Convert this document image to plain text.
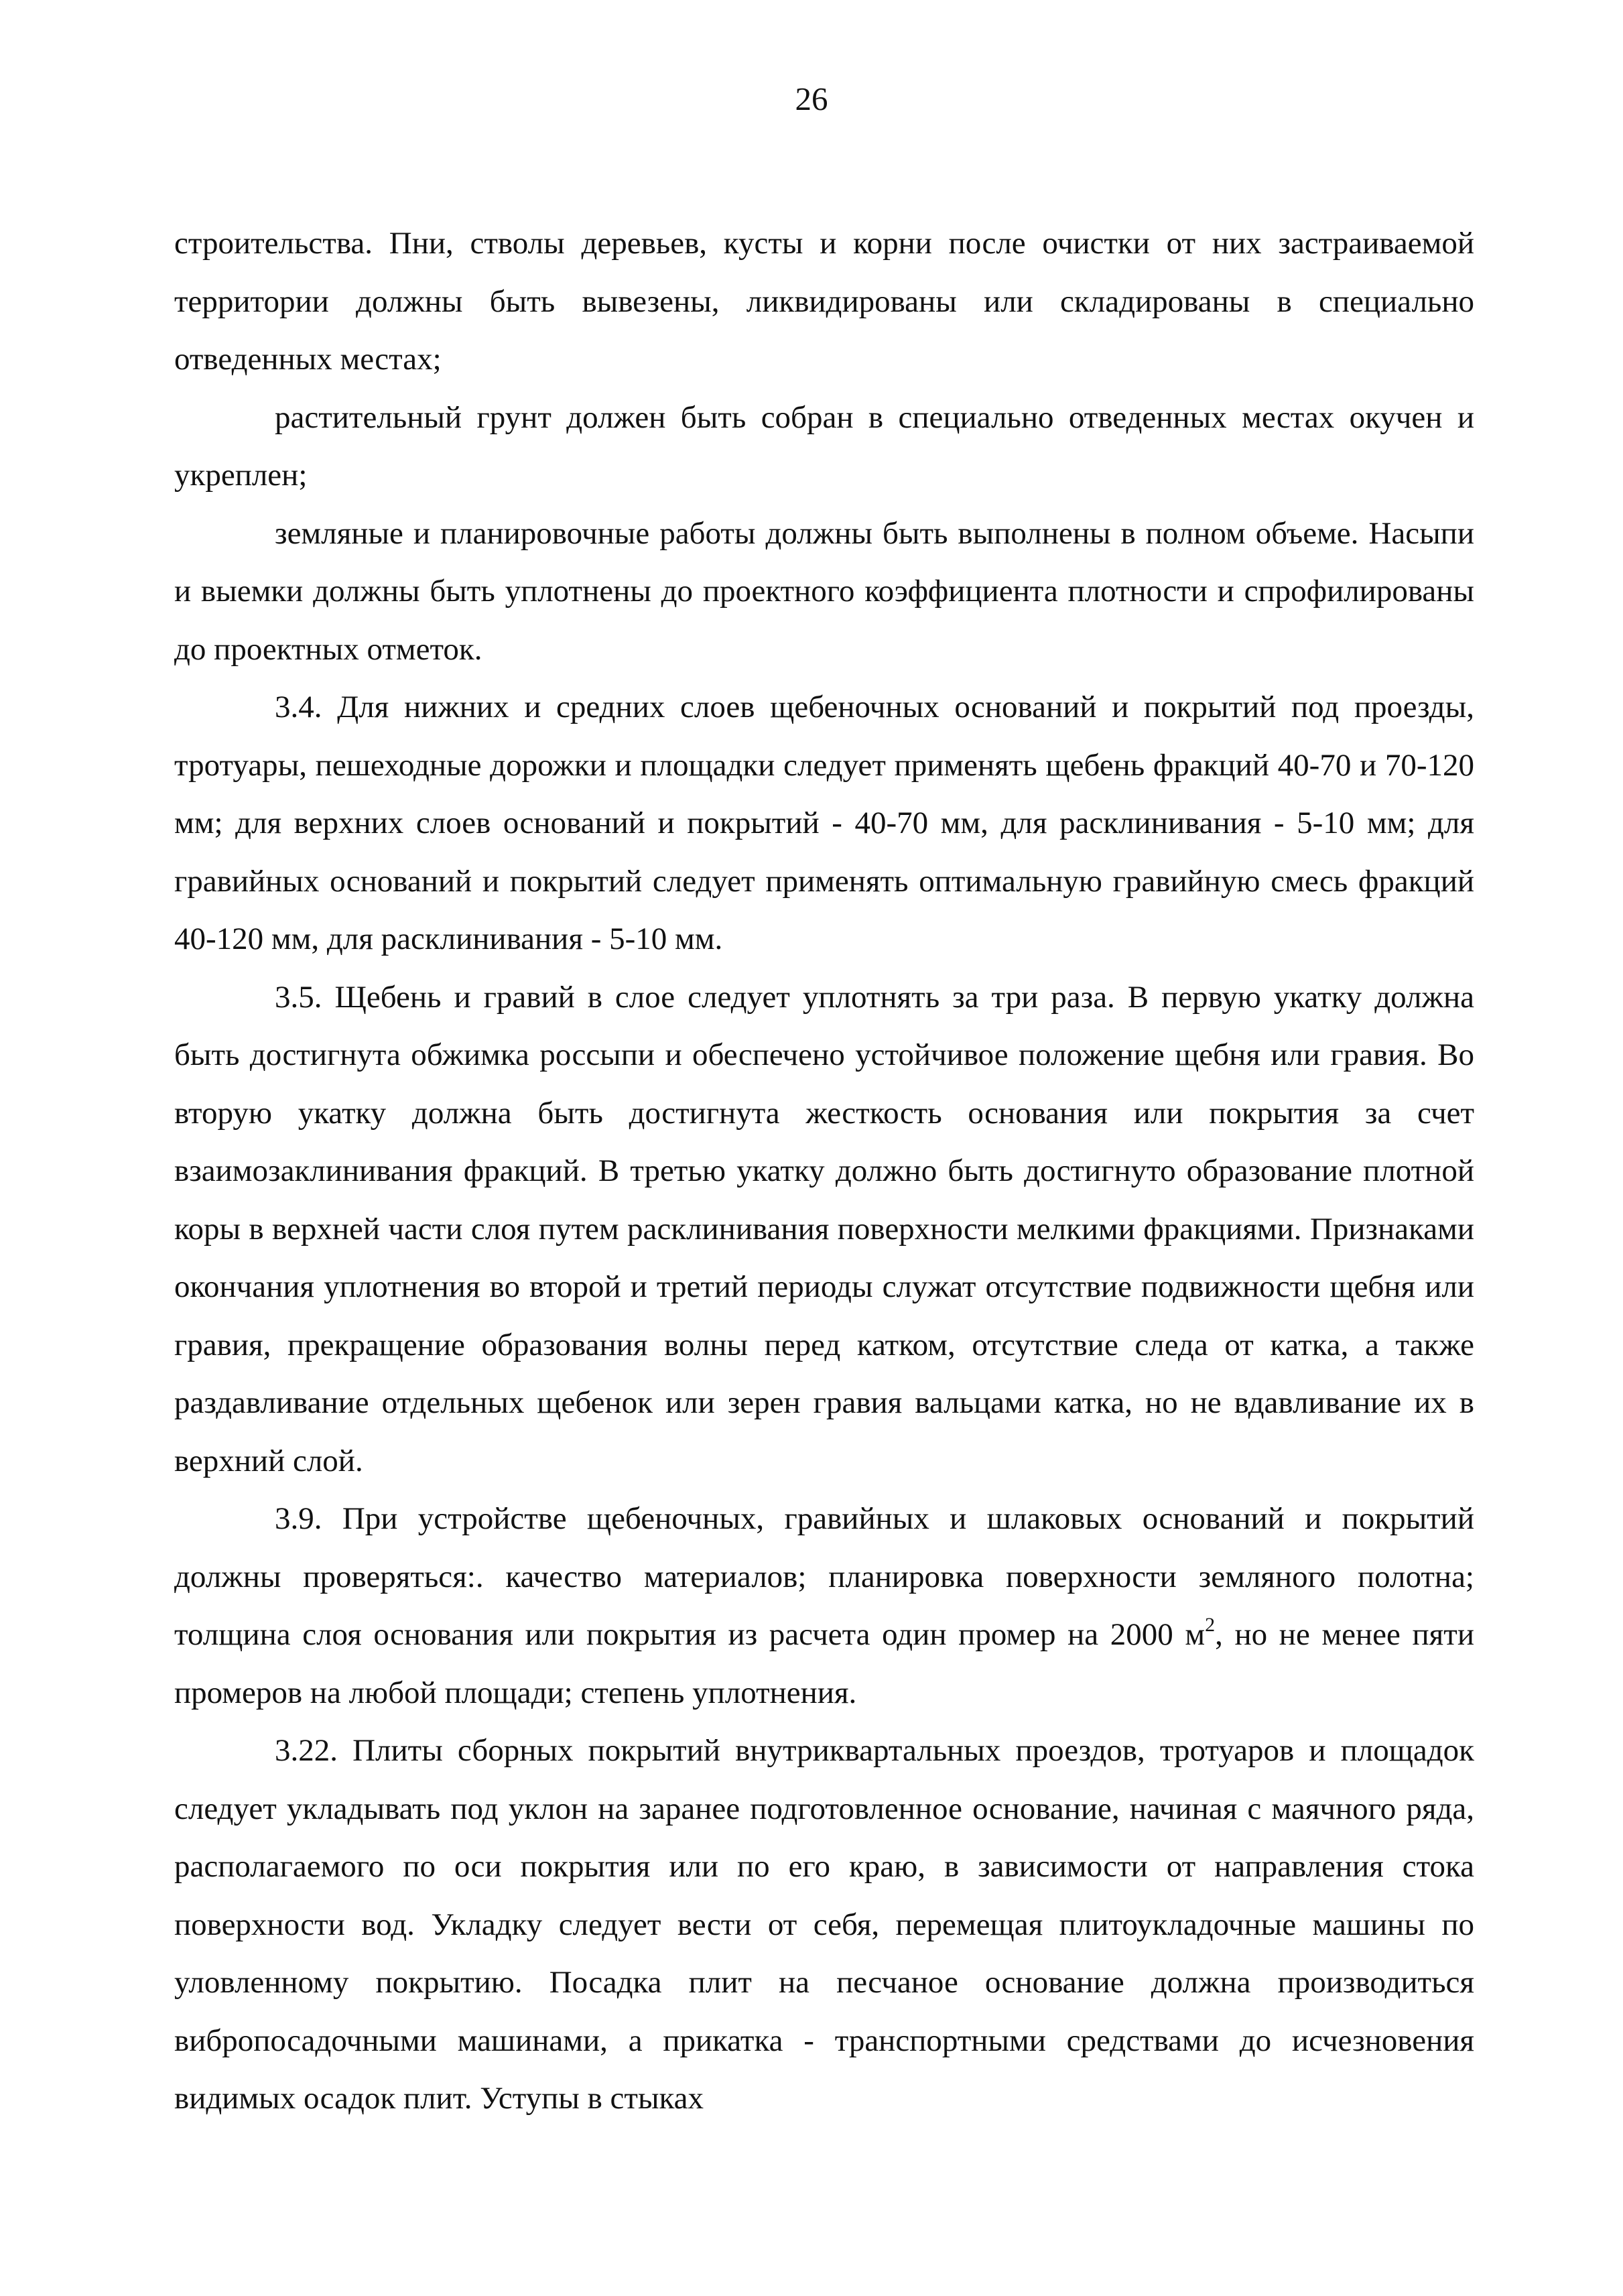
26

строительства. Пни, стволы деревьев, кусты и корни после очистки от них застраиваемой территории должны быть вывезены, ликвидированы или складированы в специально отведенных местах;

растительный грунт должен быть собран в специально отведенных местах окучен и укреплен;

земляные и планировочные работы должны быть выполнены в полном объеме. Насыпи и выемки должны быть уплотнены до проектного коэффициента плотности и спрофилированы до проектных отметок.

3.4. Для нижних и средних слоев щебеночных оснований и покрытий под проезды, тротуары, пешеходные дорожки и площадки следует применять щебень фракций 40-70 и 70-120 мм; для верхних слоев оснований и покрытий - 40-70 мм, для расклинивания - 5-10 мм; для гравийных оснований и покрытий следует применять оптимальную гравийную смесь фракций 40-120 мм, для расклинивания - 5-10 мм.

3.5. Щебень и гравий в слое следует уплотнять за три раза. В первую укатку должна быть достигнута обжимка россыпи и обеспечено устойчивое положение щебня или гравия. Во вторую укатку должна быть достигнута жесткость основания или покрытия за счет взаимозаклинивания фракций. В третью укатку должно быть достигнуто образование плотной коры в верхней части слоя путем расклинивания поверхности мелкими фракциями. Признаками окончания уплотнения во второй и третий периоды служат отсутствие подвижности щебня или гравия, прекращение образования волны перед катком, отсутствие следа от катка, а также раздавливание отдельных щебенок или зерен гравия вальцами катка, но не вдавливание их в верхний слой.

3.9. При устройстве щебеночных, гравийных и шлаковых оснований и покрытий должны проверяться:. качество материалов; планировка поверхности земляного полотна; толщина слоя основания или покрытия из расчета один промер на 2000 $м^2$, но не менее пяти промеров на любой площади; степень уплотнения.

3.22. Плиты сборных покрытий внутриквартальных проездов, тротуаров и площадок следует укладывать под уклон на заранее подготовленное основание, начиная с маячного ряда, располагаемого по оси покрытия или по его краю, в зависимости от направления стока поверхности вод. Укладку следует вести от себя, перемещая плитоукладочные машины по уловленному покрытию. Посадка плит на песчаное основание должна производиться вибропосадочными машинами, а прикатка - транспортными средствами до исчезновения видимых осадок плит. Уступы в стыках
